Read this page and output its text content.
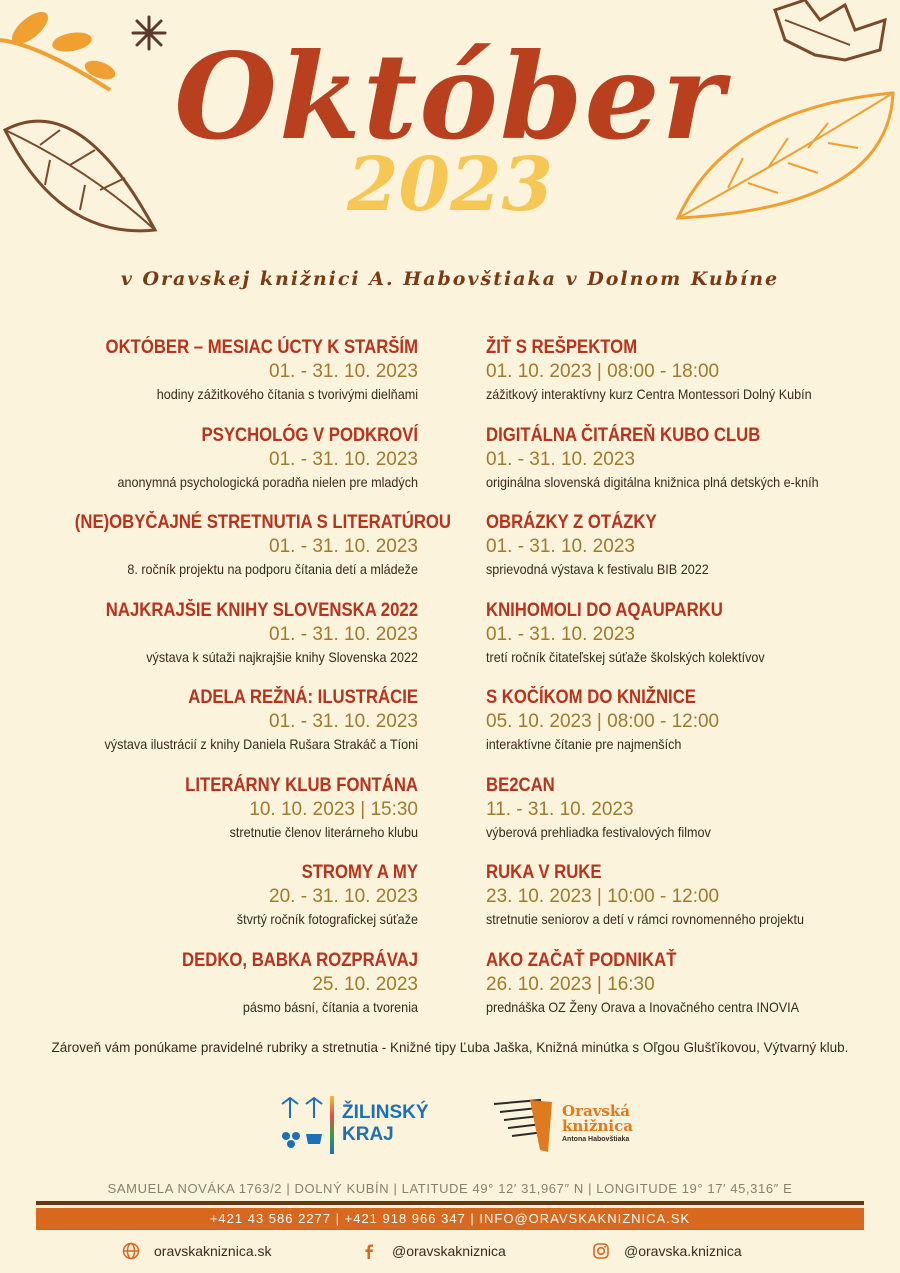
Október
2023
v Oravskej knižnici A. Habovštiaka v Dolnom Kubíne
OKTÓBER – MESIAC ÚCTY K STARŠÍM
01. - 31. 10. 2023
hodiny zážitkového čítania s tvorivými dielňami
PSYCHOLÓG V PODKROVÍ
01. - 31. 10. 2023
anonymná psychologická poradňa nielen pre mladých
(NE)OBYČAJNÉ STRETNUTIA S LITERATÚROU
01. - 31. 10. 2023
8. ročník projektu na podporu čítania detí a mládeže
NAJKRAJŠIE KNIHY SLOVENSKA 2022
01. - 31. 10. 2023
výstava k sútaži najkrajšie knihy Slovenska 2022
ADELA REŽNÁ: ILUSTRÁCIE
01. - 31. 10. 2023
výstava ilustrácií z knihy Daniela Rušara Strakáč a Tíoni
LITERÁRNY KLUB FONTÁNA
10. 10. 2023 | 15:30
stretnutie členov literárneho klubu
STROMY A MY
20. - 31. 10. 2023
štvrtý ročník fotografickej súťaže
DEDKO, BABKA ROZPRÁVAJ
25. 10. 2023
pásmo básní, čítania a tvorenia
ŽIŤ S REŠPEKTOM
01. 10. 2023 | 08:00 - 18:00
zážitkový interaktívny kurz Centra Montessori Dolný Kubín
DIGITÁLNA ČITÁREŇ KUBO CLUB
01. - 31. 10. 2023
originálna slovenská digitálna knižnica plná detských e-kníh
OBRÁZKY Z OTÁZKY
01. - 31. 10. 2023
sprievodná výstava k festivalu BIB 2022
KNIHOMOLI DO AQAUPARKU
01. - 31. 10. 2023
tretí ročník čitateľskej súťaže školských kolektívov
S KOČÍKOM DO KNIŽNICE
05. 10. 2023 | 08:00 - 12:00
interaktívne čítanie pre najmenších
BE2CAN
11. - 31. 10. 2023
výberová prehliadka festivalových filmov
RUKA V RUKE
23. 10. 2023 | 10:00 - 12:00
stretnutie seniorov a detí v rámci rovnomenného projektu
AKO ZAČAŤ PODNIKAŤ
26. 10. 2023 | 16:30
prednáška OZ Ženy Orava a Inovačného centra INOVIA
Zároveň vám ponúkame pravidelné rubriky a stretnutia - Knižné tipy Ľuba Jaška, Knižná minútka s Oľgou Glušťíkovou, Výtvarný klub.
ŽILINSKÝ
KRAJ
Oravská
knižnica
Antona Habovštiaka
SAMUELA NOVÁKA 1763/2 | DOLNÝ KUBÍN | LATITUDE 49° 12′ 31,967″ N | LONGITUDE 19° 17′ 45,316″ E
+421 43 586 2277 | +421 918 966 347 | INFO@ORAVSKAKNIZNICA.SK
oravskakniznica.sk	@oravskakniznica	@oravska.kniznica
